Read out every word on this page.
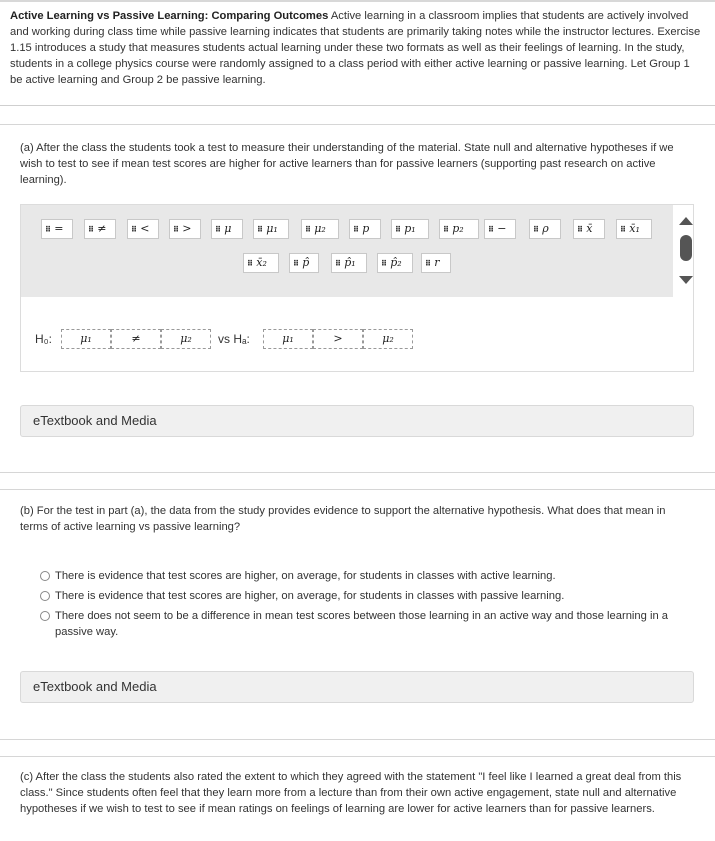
Active Learning vs Passive Learning: Comparing Outcomes Active learning in a classroom implies that students are actively involved and working during class time while passive learning indicates that students are primarily taking notes while the instructor lectures. Exercise 1.15 introduces a study that measures students actual learning under these two formats as well as their feelings of learning. In the study, students in a college physics course were randomly assigned to a class period with either active learning or passive learning. Let Group 1 be active learning and Group 2 be passive learning.

(a) After the class the students took a test to measure their understanding of the material. State null and alternative hypotheses if we wish to test to see if mean test scores are higher for active learners than for passive learners (supporting past research on active learning).

⠿ =	⠿ ≠	⠿ <	⠿ >	⠿ μ	⠿ μ₁	⠿ μ₂	⠿ p	⠿ p₁	⠿ p₂	⠿ −	⠿ ρ	⠿ x̄	⠿ x̄₁
⠿ x̄₂	⠿ p̂	⠿ p̂₁	⠿ p̂₂	⠿ r
H₀:	μ₁	≠	μ₂	vs Hₐ:	μ₁	>	μ₂
eTextbook and Media

(b) For the test in part (a), the data from the study provides evidence to support the alternative hypothesis. What does that mean in terms of active learning vs passive learning?

There is evidence that test scores are higher, on average, for students in classes with active learning.
There is evidence that test scores are higher, on average, for students in classes with passive learning.
There does not seem to be a difference in mean test scores between those learning in an active way and those learning in a passive way.
eTextbook and Media

(c) After the class the students also rated the extent to which they agreed with the statement "I feel like I learned a great deal from this class." Since students often feel that they learn more from a lecture than from their own active engagement, state null and alternative hypotheses if we wish to test to see if mean ratings on feelings of learning are lower for active learners than for passive learners.
